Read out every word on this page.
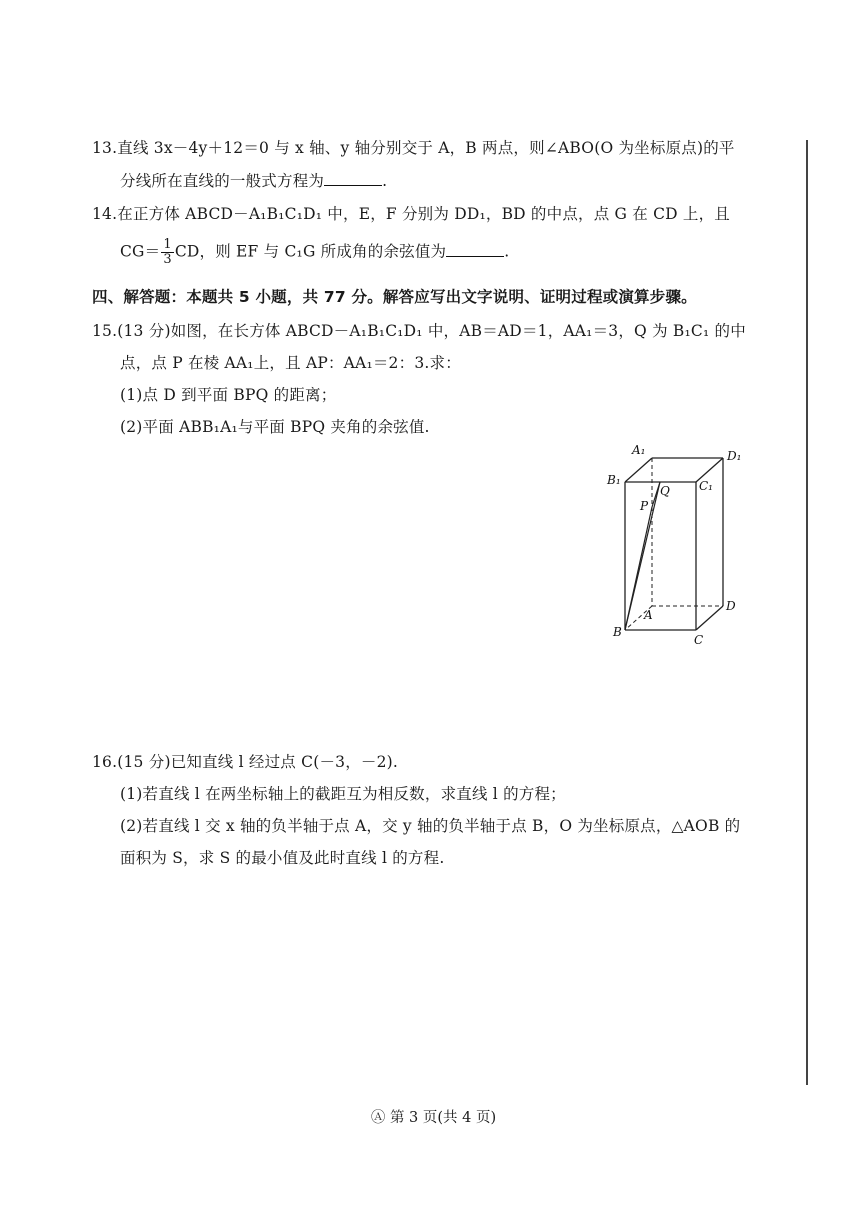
13.直线 3x－4y＋12＝0 与 x 轴、y 轴分别交于 A，B 两点，则∠ABO(O 为坐标原点)的平
分线所在直线的一般式方程为	.
14.在正方体 ABCD－A₁B₁C₁D₁ 中，E，F 分别为 DD₁，BD 的中点，点 G 在 CD 上，且
$CG= \frac{1}{3}$ CD，则 EF 与 C₁G 所成角的余弦值为	.
四、解答题：本题共 5 小题，共 77 分。解答应写出文字说明、证明过程或演算步骤。
15.(13 分)如图，在长方体 ABCD－A₁B₁C₁D₁ 中，AB＝AD＝1，AA₁＝3，Q 为 B₁C₁ 的中
点，点 P 在棱 AA₁上，且 AP：AA₁＝2：3.求：
(1)点 D 到平面 BPQ 的距离；
(2)平面 ABB₁A₁与平面 BPQ 夹角的余弦值.
A₁	D₁
B₁	C₁
Q
P
A
D
B
C
16.(15 分)已知直线 l 经过点 C(－3，－2).
(1)若直线 l 在两坐标轴上的截距互为相反数，求直线 l 的方程；
(2)若直线 l 交 x 轴的负半轴于点 A，交 y 轴的负半轴于点 B，O 为坐标原点，△AOB 的
面积为 S，求 S 的最小值及此时直线 l 的方程.
Ⓐ 第 3 页(共 4 页)
